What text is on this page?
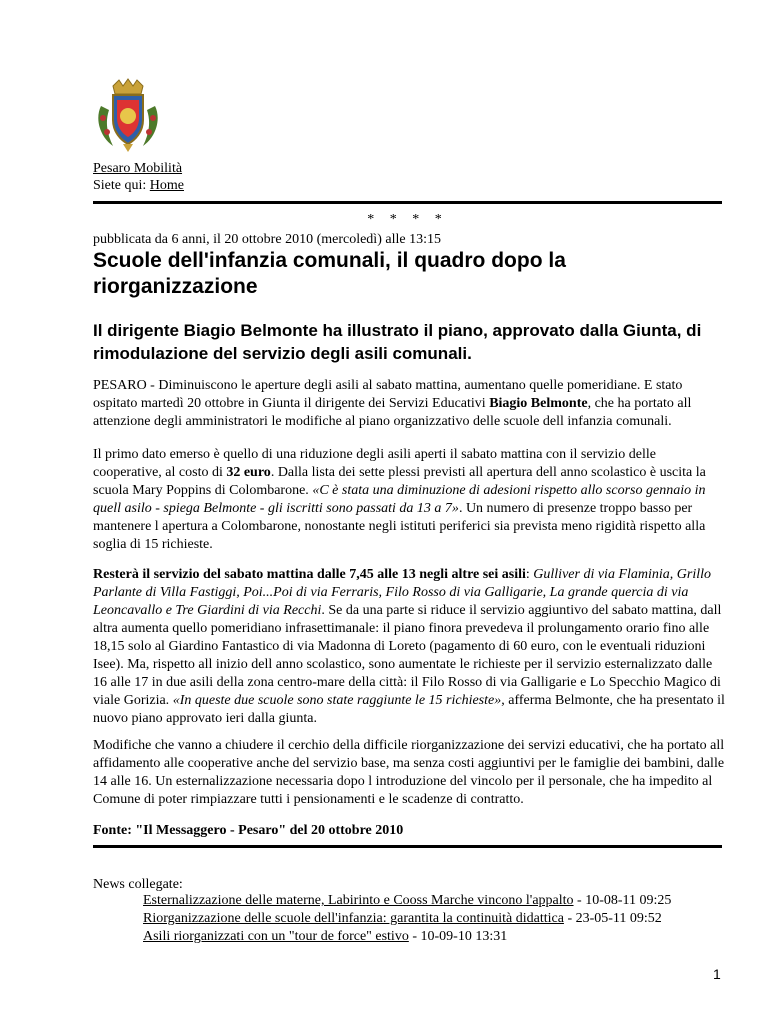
Pesaro Mobilità
Siete qui: Home
* * * *
pubblicata da 6 anni, il 20 ottobre 2010 (mercoledì) alle 13:15
Scuole dell'infanzia comunali, il quadro dopo la riorganizzazione
Il dirigente Biagio Belmonte ha illustrato il piano, approvato dalla Giunta, di rimodulazione del servizio degli asili comunali.

PESARO - Diminuiscono le aperture degli asili al sabato mattina, aumentano quelle pomeridiane. E stato ospitato martedì 20 ottobre in Giunta il dirigente dei Servizi Educativi Biagio Belmonte, che ha portato all attenzione degli amministratori le modifiche al piano organizzativo delle scuole dell infanzia comunali.

Il primo dato emerso è quello di una riduzione degli asili aperti il sabato mattina con il servizio delle cooperative, al costo di 32 euro. Dalla lista dei sette plessi previsti all apertura dell anno scolastico è uscita la scuola Mary Poppins di Colombarone. «C è stata una diminuzione di adesioni rispetto allo scorso gennaio in quell asilo - spiega Belmonte - gli iscritti sono passati da 13 a 7». Un numero di presenze troppo basso per mantenere l apertura a Colombarone, nonostante negli istituti periferici sia prevista meno rigidità rispetto alla soglia di 15 richieste.

Resterà il servizio del sabato mattina dalle 7,45 alle 13 negli altre sei asili: Gulliver di via Flaminia, Grillo Parlante di Villa Fastiggi, Poi...Poi di via Ferraris, Filo Rosso di via Galligarie, La grande quercia di via Leoncavallo e Tre Giardini di via Recchi. Se da una parte si riduce il servizio aggiuntivo del sabato mattina, dall altra aumenta quello pomeridiano infrasettimanale: il piano finora prevedeva il prolungamento orario fino alle 18,15 solo al Giardino Fantastico di via Madonna di Loreto (pagamento di 60 euro, con le eventuali riduzioni Isee). Ma, rispetto all inizio dell anno scolastico, sono aumentate le richieste per il servizio esternalizzato dalle 16 alle 17 in due asili della zona centro-mare della città: il Filo Rosso di via Galligarie e Lo Specchio Magico di viale Gorizia. «In queste due scuole sono state raggiunte le 15 richieste», afferma Belmonte, che ha presentato il nuovo piano approvato ieri dalla giunta.

Modifiche che vanno a chiudere il cerchio della difficile riorganizzazione dei servizi educativi, che ha portato all affidamento alle cooperative anche del servizio base, ma senza costi aggiuntivi per le famiglie dei bambini, dalle 14 alle 16. Un esternalizzazione necessaria dopo l introduzione del vincolo per il personale, che ha impedito al Comune di poter rimpiazzare tutti i pensionamenti e le scadenze di contratto.

Fonte: "Il Messaggero - Pesaro" del 20 ottobre 2010
News collegate:
Esternalizzazione delle materne, Labirinto e Cooss Marche vincono l'appalto - 10-08-11 09:25
Riorganizzazione delle scuole dell'infanzia: garantita la continuità didattica - 23-05-11 09:52
Asili riorganizzati con un "tour de force" estivo - 10-09-10 13:31
1
